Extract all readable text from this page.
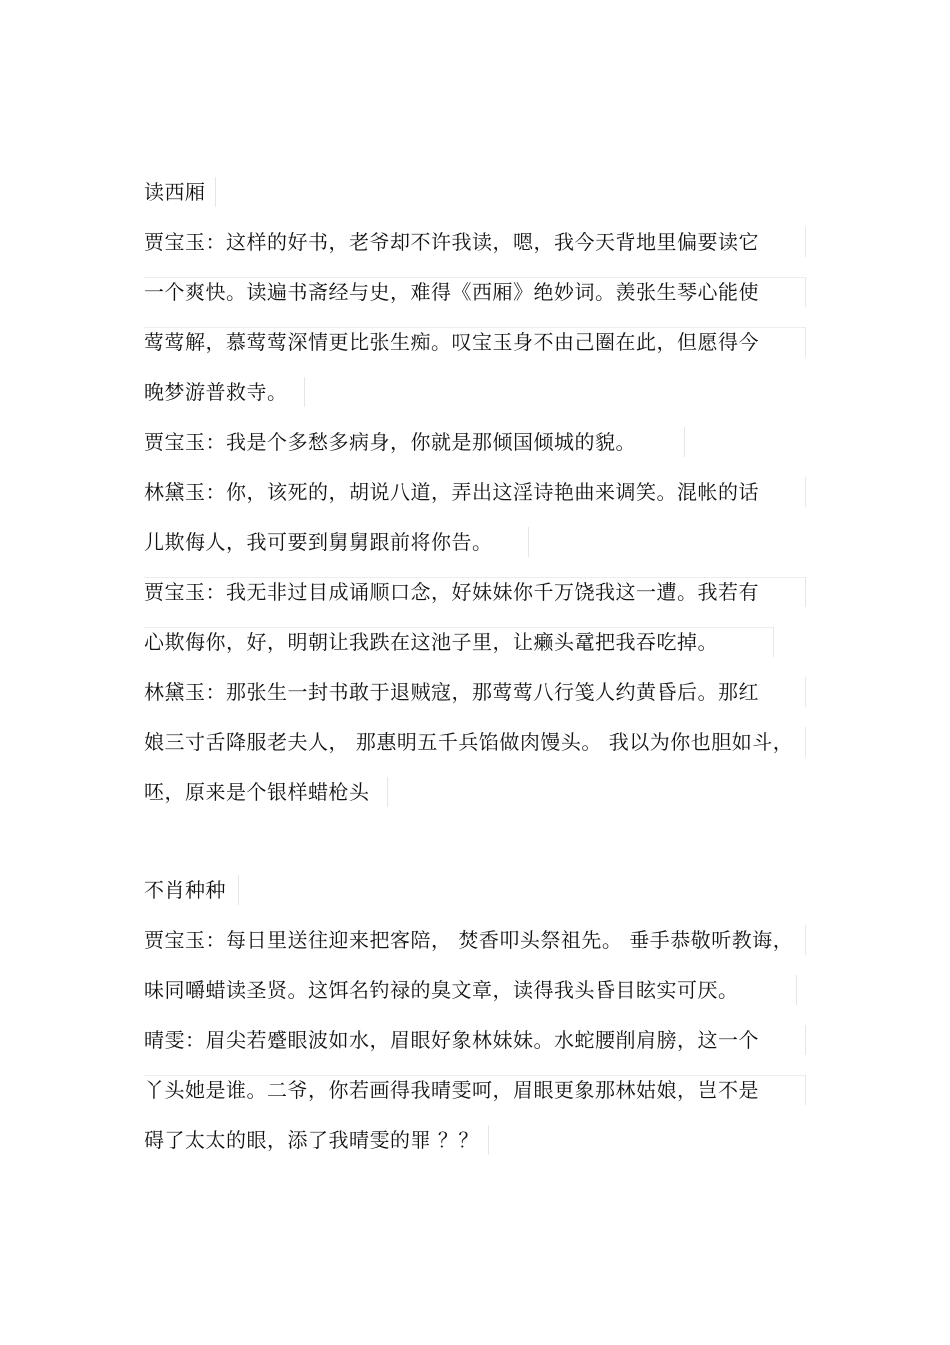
读西厢
贾宝玉：这样的好书，老爷却不许我读，嗯，我今天背地里偏要读它
一个爽快。读遍书斋经与史，难得《西厢》绝妙词。羡张生琴心能使
莺莺解，慕莺莺深情更比张生痴。叹宝玉身不由己圈在此，但愿得今
晚梦游普救寺。
贾宝玉：我是个多愁多病身，你就是那倾国倾城的貌。
林黛玉：你，该死的，胡说八道，弄出这淫诗艳曲来调笑。混帐的话
儿欺侮人，我可要到舅舅跟前将你告。
贾宝玉：我无非过目成诵顺口念，好妹妹你千万饶我这一遭。我若有
心欺侮你，好，明朝让我跌在这池子里，让癞头鼋把我吞吃掉。
林黛玉：那张生一封书敢于退贼寇，那莺莺八行笺人约黄昏后。那红
娘三寸舌降服老夫人， 那惠明五千兵馅做肉馒头。 我以为你也胆如斗，
呸，原来是个银样蜡枪头
不肖种种
贾宝玉：每日里送往迎来把客陪， 焚香叩头祭祖先。 垂手恭敬听教诲，
味同嚼蜡读圣贤。这饵名钓禄的臭文章，读得我头昏目眩实可厌。
晴雯：眉尖若蹙眼波如水，眉眼好象林妹妹。水蛇腰削肩膀，这一个
丫头她是谁。二爷，你若画得我晴雯呵，眉眼更象那林姑娘，岂不是
碍了太太的眼，添了我晴雯的罪 ？？
